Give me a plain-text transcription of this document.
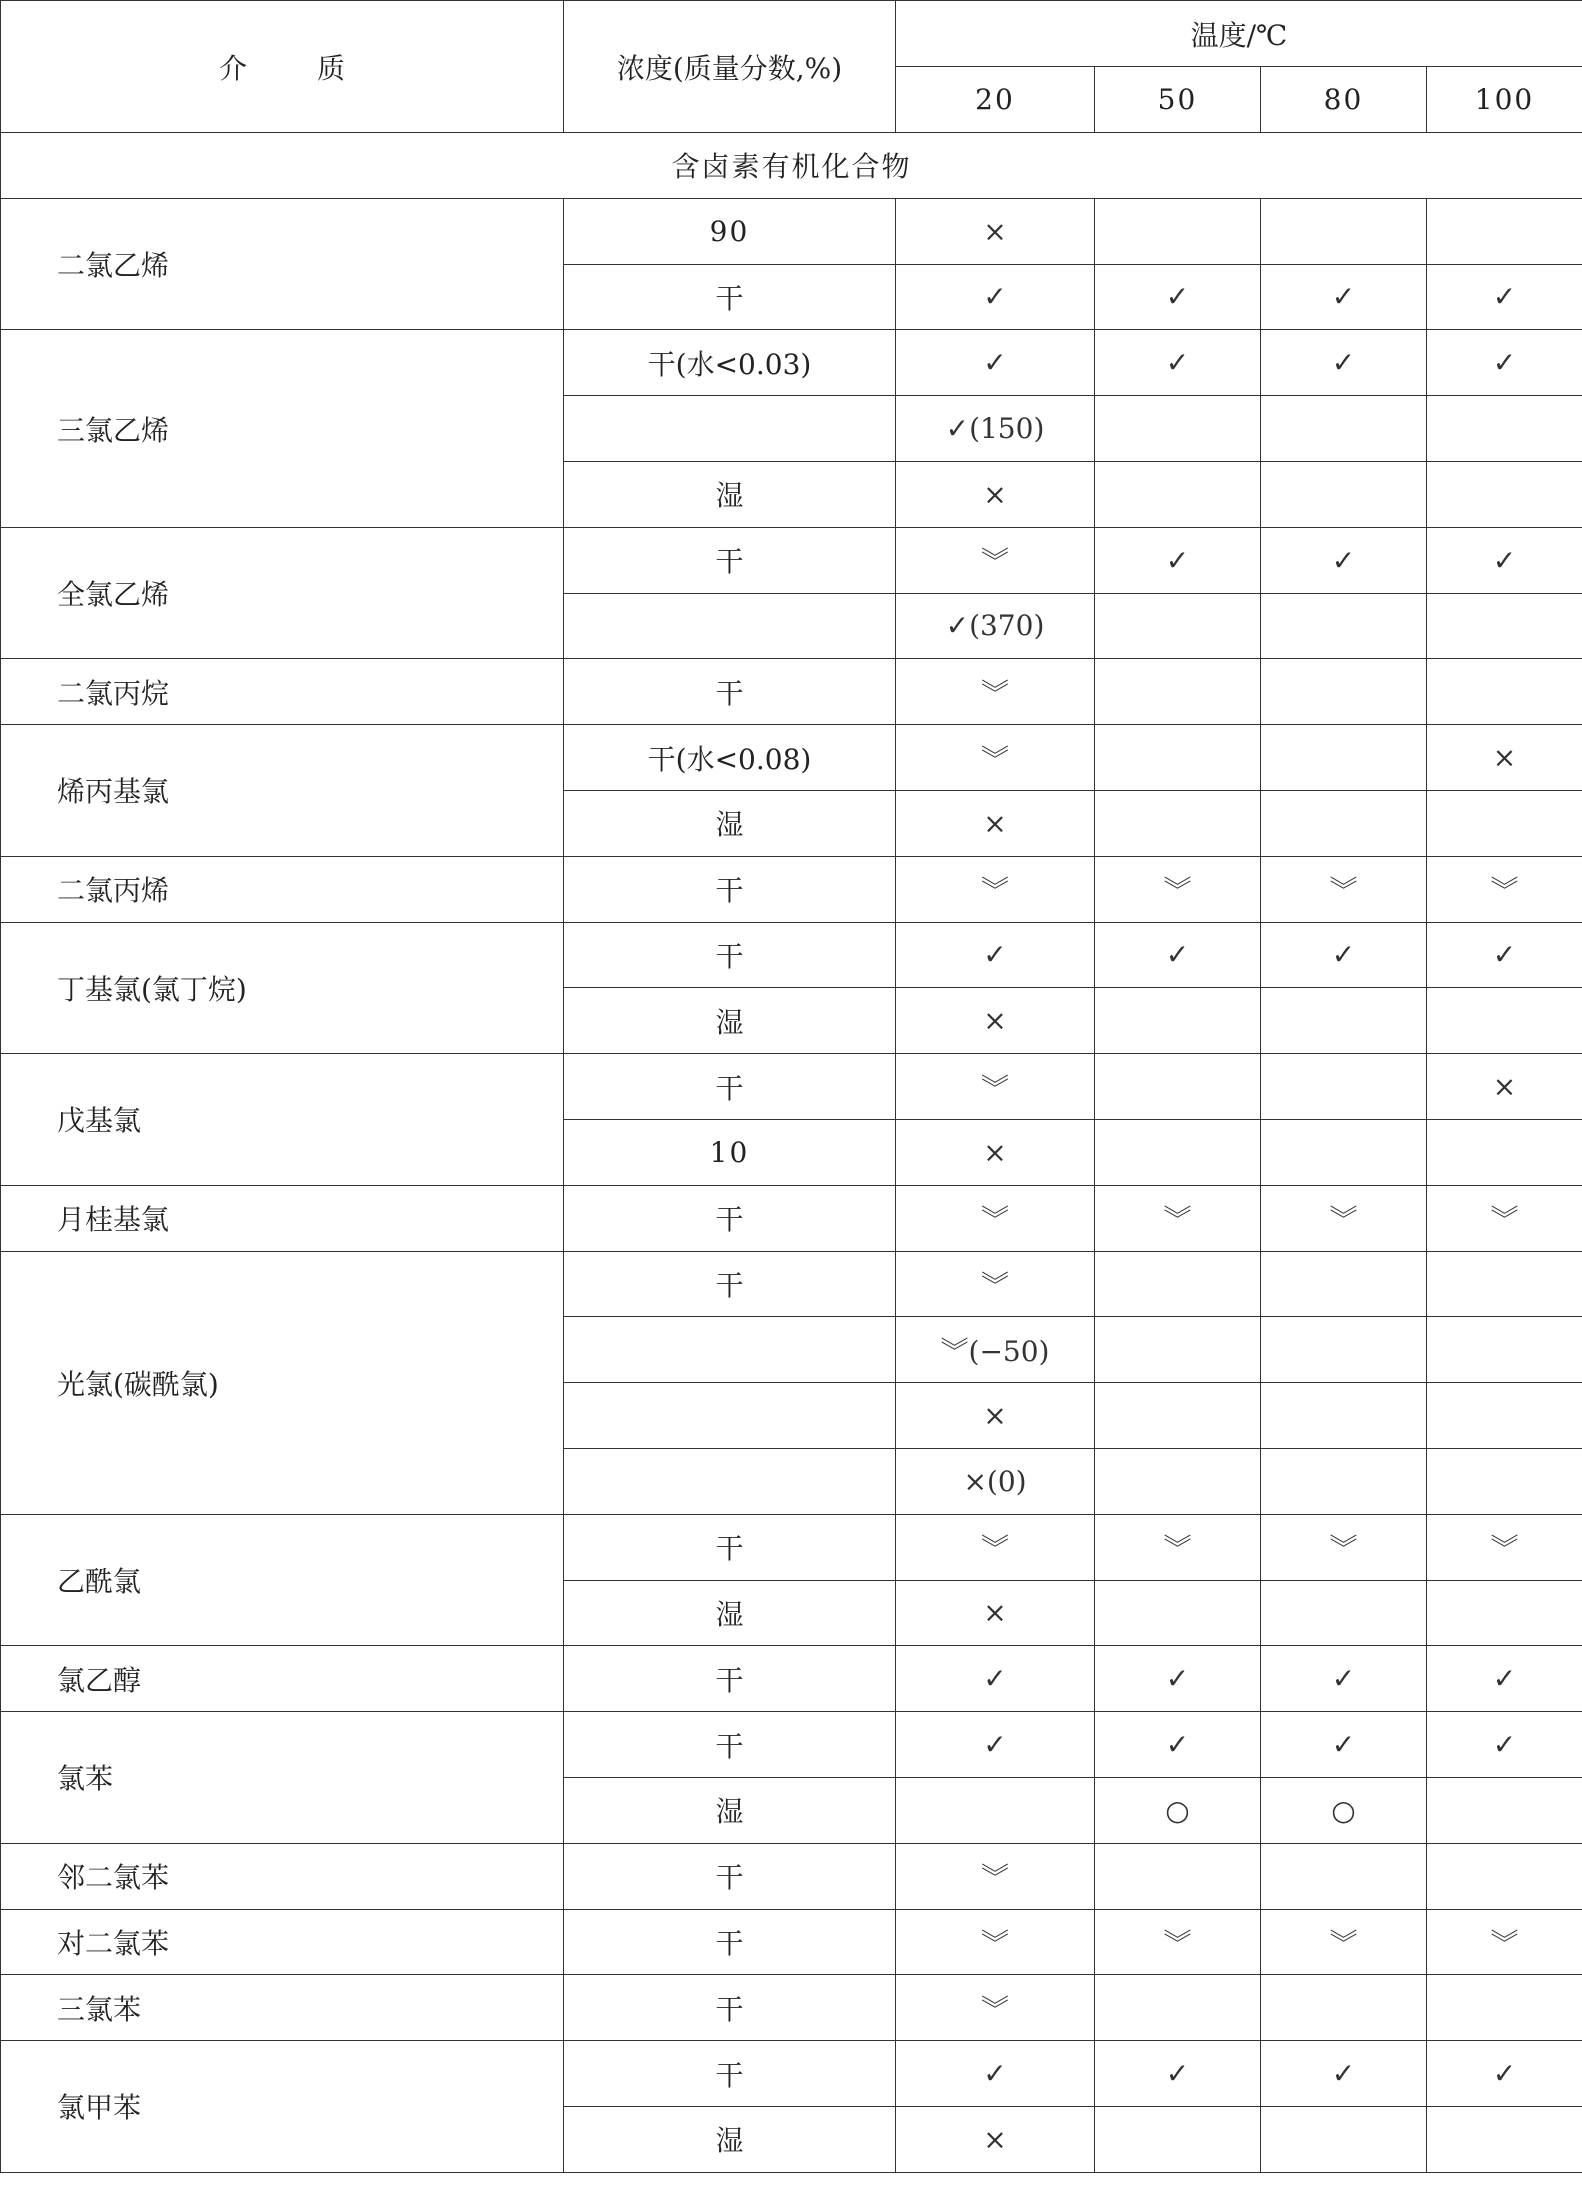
介 质	浓度(质量分数,%)	温度/℃			
		20	50	80	100
含卤素有机化合物					
二氯乙烯	90	×			
	干	✓	✓	✓	✓
三氯乙烯	干(水<0.03)	✓	✓	✓	✓
		✓(150)			
	湿	×			
全氯乙烯	干	︾	✓	✓	✓
		✓(370)			
二氯丙烷	干	︾			
烯丙基氯	干(水<0.08)	︾			×
	湿	×			
二氯丙烯	干	︾	︾	︾	︾
丁基氯(氯丁烷)	干	✓	✓	✓	✓
	湿	×			
戊基氯	干	︾			×
	10	×			
月桂基氯	干	︾	︾	︾	︾
光氯(碳酰氯)	干	︾			
		︾(−50)			
		×			
		×(0)			
乙酰氯	干	︾	︾	︾	︾
	湿	×			
氯乙醇	干	✓	✓	✓	✓
氯苯	干	✓	✓	✓	✓
	湿		○	○	
邻二氯苯	干	︾			
对二氯苯	干	︾	︾	︾	︾
三氯苯	干	︾			
氯甲苯	干	✓	✓	✓	✓
	湿	×			
